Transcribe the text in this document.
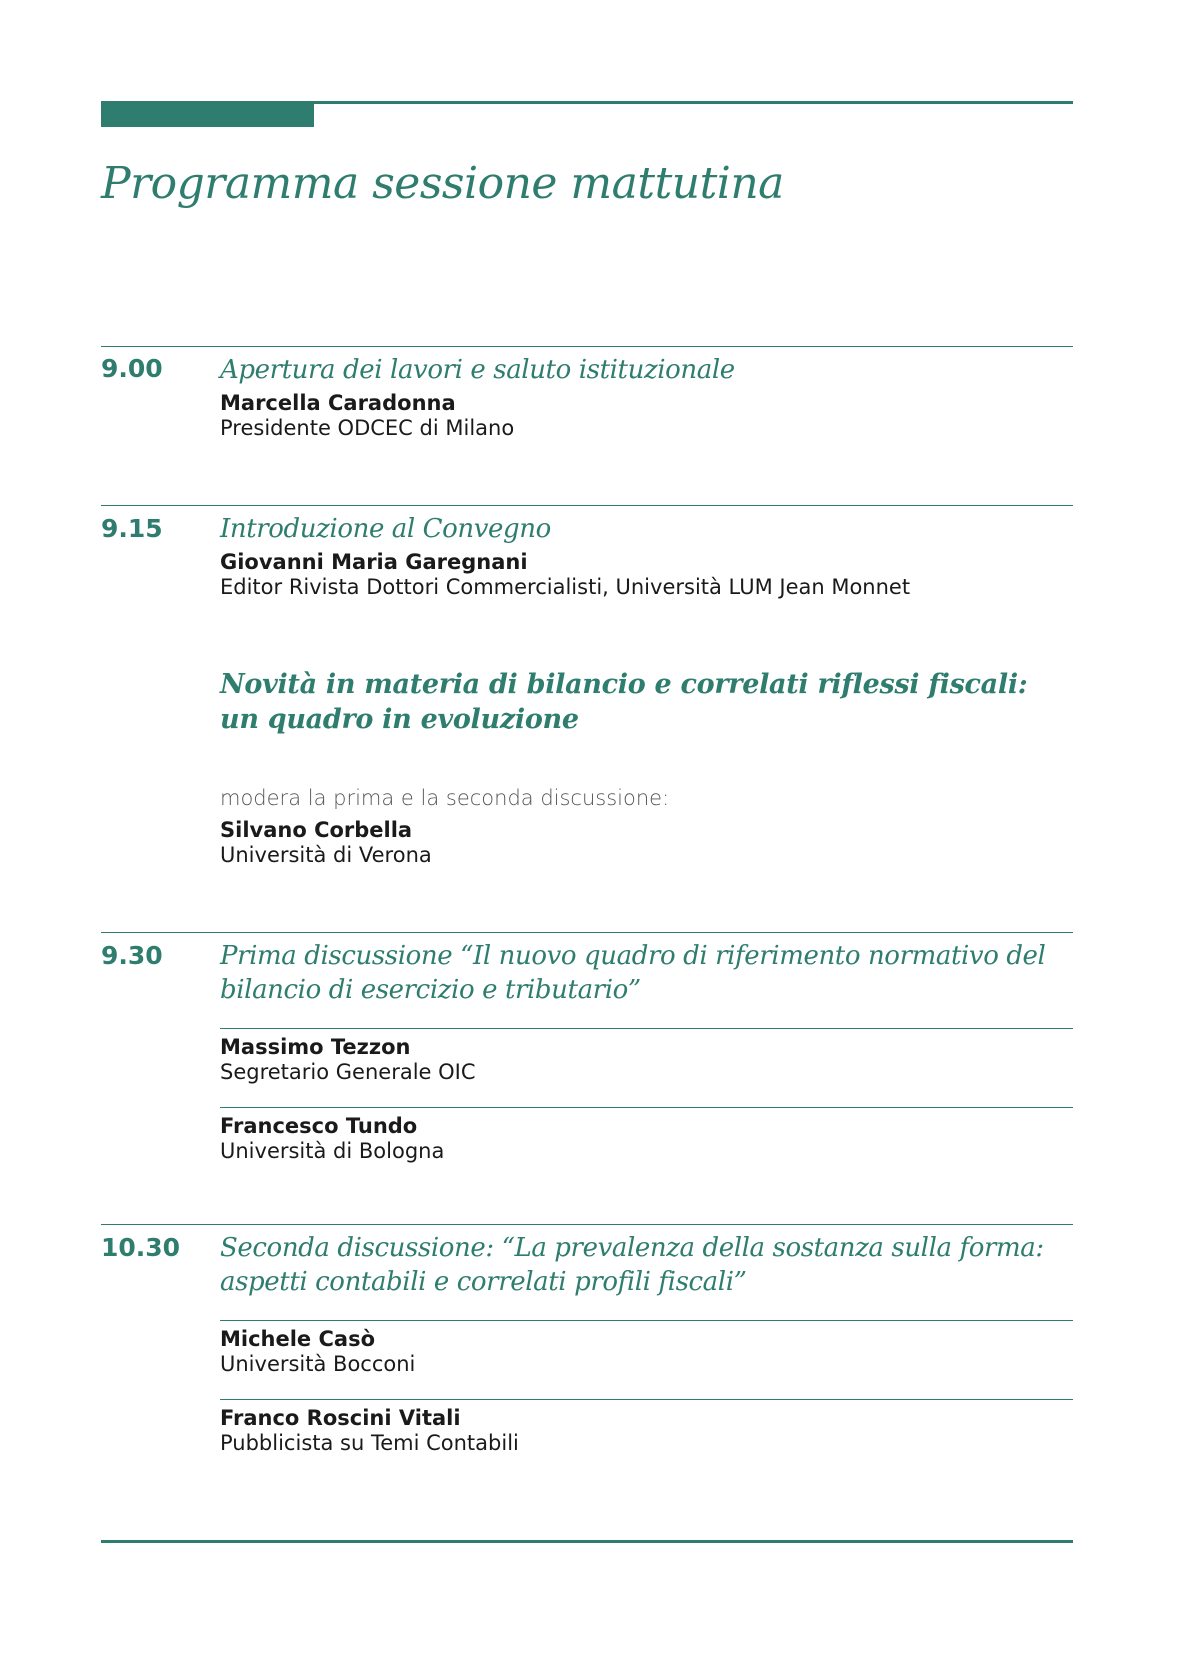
Programma sessione mattutina
9.00 Apertura dei lavori e saluto istituzionale
Marcella Caradonna
Presidente ODCEC di Milano
9.15 Introduzione al Convegno
Giovanni Maria Garegnani
Editor Rivista Dottori Commercialisti, Università LUM Jean Monnet
Novità in materia di bilancio e correlati riflessi fiscali:
un quadro in evoluzione
modera la prima e la seconda discussione:
Silvano Corbella
Università di Verona
9.30 Prima discussione “Il nuovo quadro di riferimento normativo del bilancio di esercizio e tributario”
Massimo Tezzon
Segretario Generale OIC
Francesco Tundo
Università di Bologna
10.30 Seconda discussione: “La prevalenza della sostanza sulla forma: aspetti contabili e correlati profili fiscali”
Michele Casò
Università Bocconi
Franco Roscini Vitali
Pubblicista su Temi Contabili
